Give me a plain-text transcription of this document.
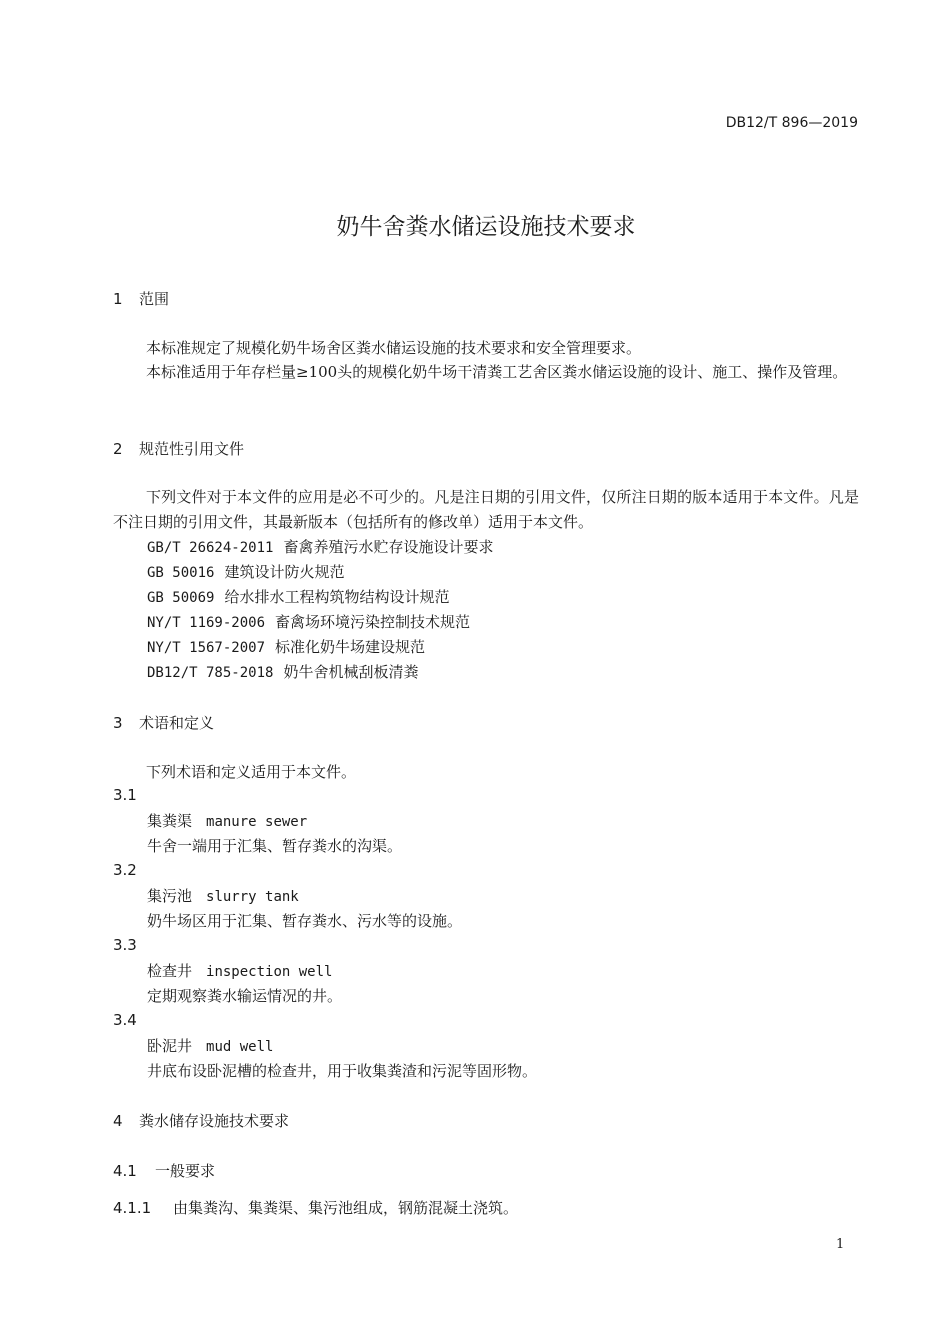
DB12/T 896—2019
奶牛舍粪水储运设施技术要求
1 范围
本标准规定了规模化奶牛场舍区粪水储运设施的技术要求和安全管理要求。
本标准适用于年存栏量≥100头的规模化奶牛场干清粪工艺舍区粪水储运设施的设计、施工、操作及管理。
2 规范性引用文件
下列文件对于本文件的应用是必不可少的。凡是注日期的引用文件，仅所注日期的版本适用于本文件。凡是不注日期的引用文件，其最新版本（包括所有的修改单）适用于本文件。
GB/T 26624-2011 畜禽养殖污水贮存设施设计要求
GB 50016 建筑设计防火规范
GB 50069 给水排水工程构筑物结构设计规范
NY/T 1169-2006 畜禽场环境污染控制技术规范
NY/T 1567-2007 标准化奶牛场建设规范
DB12/T 785-2018 奶牛舍机械刮板清粪
3 术语和定义
下列术语和定义适用于本文件。
3.1
集粪渠 manure sewer
牛舍一端用于汇集、暂存粪水的沟渠。
3.2
集污池 slurry tank
奶牛场区用于汇集、暂存粪水、污水等的设施。
3.3
检查井 inspection well
定期观察粪水输运情况的井。
3.4
卧泥井 mud well
井底布设卧泥槽的检查井，用于收集粪渣和污泥等固形物。
4 粪水储存设施技术要求
4.1 一般要求
4.1.1 由集粪沟、集粪渠、集污池组成，钢筋混凝土浇筑。
1
